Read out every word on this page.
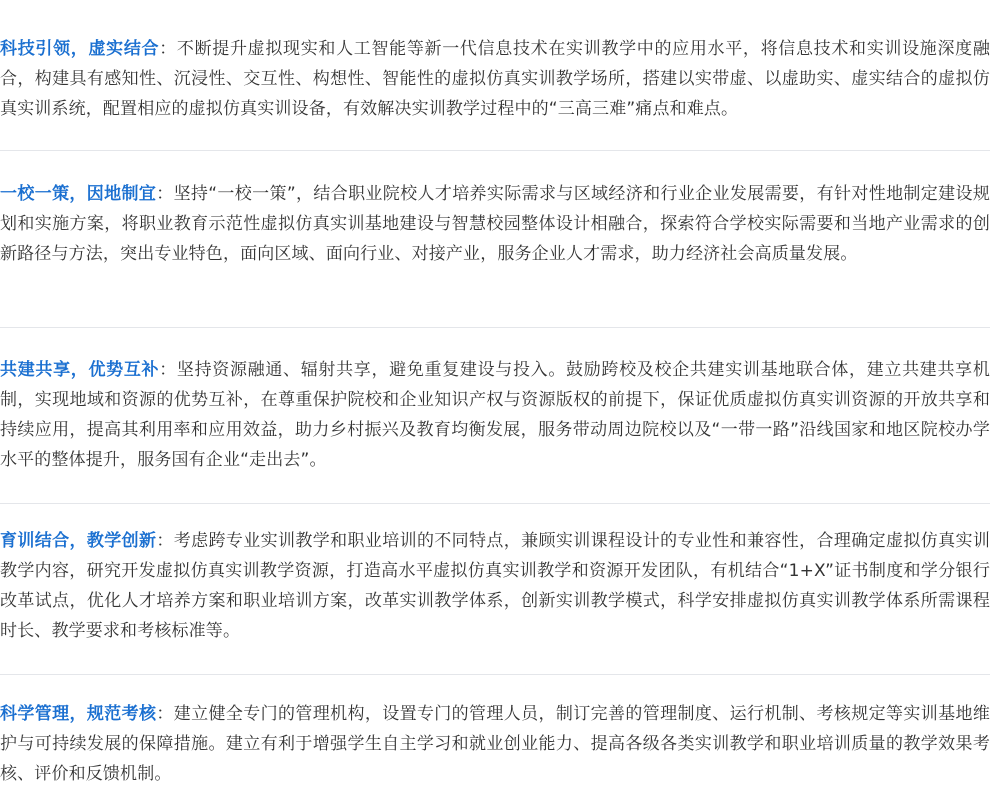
科技引领，虚实结合：不断提升虚拟现实和人工智能等新一代信息技术在实训教学中的应用水平，将信息技术和实训设施深度融合，构建具有感知性、沉浸性、交互性、构想性、智能性的虚拟仿真实训教学场所，搭建以实带虚、以虚助实、虚实结合的虚拟仿真实训系统，配置相应的虚拟仿真实训设备，有效解决实训教学过程中的“三高三难”痛点和难点。

一校一策，因地制宜：坚持“一校一策”，结合职业院校人才培养实际需求与区域经济和行业企业发展需要，有针对性地制定建设规划和实施方案，将职业教育示范性虚拟仿真实训基地建设与智慧校园整体设计相融合，探索符合学校实际需要和当地产业需求的创新路径与方法，突出专业特色，面向区域、面向行业、对接产业，服务企业人才需求，助力经济社会高质量发展。

共建共享，优势互补：坚持资源融通、辐射共享，避免重复建设与投入。鼓励跨校及校企共建实训基地联合体，建立共建共享机制，实现地域和资源的优势互补，在尊重保护院校和企业知识产权与资源版权的前提下，保证优质虚拟仿真实训资源的开放共享和持续应用，提高其利用率和应用效益，助力乡村振兴及教育均衡发展，服务带动周边院校以及“一带一路”沿线国家和地区院校办学水平的整体提升，服务国有企业“走出去”。

育训结合，教学创新：考虑跨专业实训教学和职业培训的不同特点，兼顾实训课程设计的专业性和兼容性，合理确定虚拟仿真实训教学内容，研究开发虚拟仿真实训教学资源，打造高水平虚拟仿真实训教学和资源开发团队，有机结合“1+X”证书制度和学分银行改革试点，优化人才培养方案和职业培训方案，改革实训教学体系，创新实训教学模式，科学安排虚拟仿真实训教学体系所需课程时长、教学要求和考核标准等。

科学管理，规范考核：建立健全专门的管理机构，设置专门的管理人员，制订完善的管理制度、运行机制、考核规定等实训基地维护与可持续发展的保障措施。建立有利于增强学生自主学习和就业创业能力、提高各级各类实训教学和职业培训质量的教学效果考核、评价和反馈机制。
